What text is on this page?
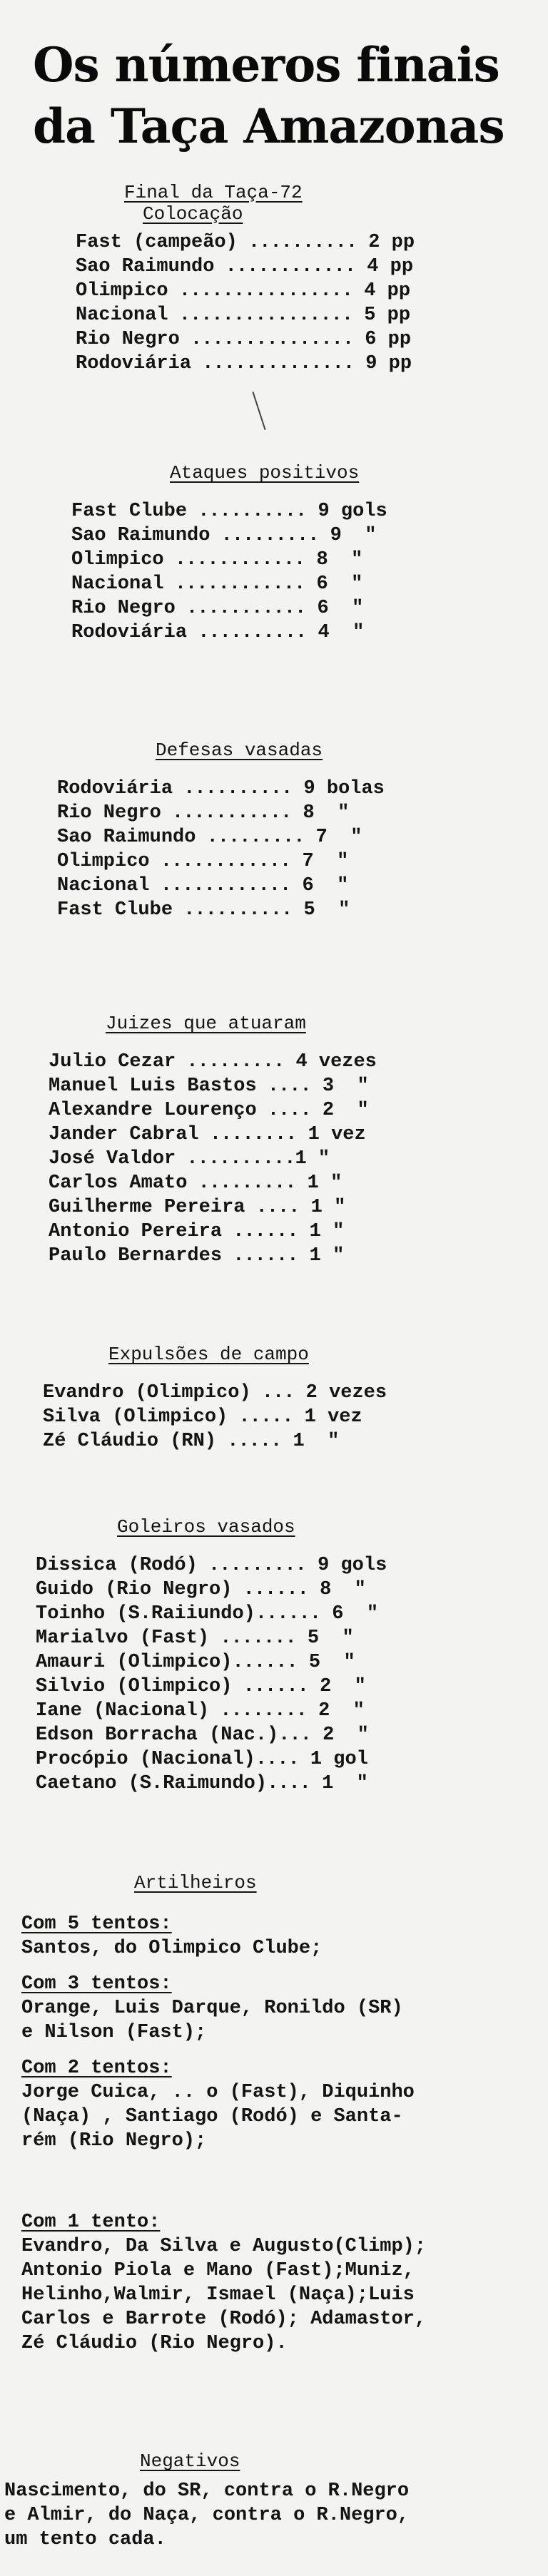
Os números finais
da Taça Amazonas
Final da Taça-72
Colocação
Fast (campeão) .......... 2 pp
Sao Raimundo ............ 4 pp
Olimpico ................ 4 pp
Nacional ................ 5 pp
Rio Negro ............... 6 pp
Rodoviária .............. 9 pp
Ataques positivos
Fast Clube .......... 9 gols
Sao Raimundo ......... 9  "
Olimpico ............ 8  "
Nacional ............ 6  "
Rio Negro ........... 6  "
Rodoviária .......... 4  "
Defesas vasadas
Rodoviária .......... 9 bolas
Rio Negro ........... 8  "
Sao Raimundo ......... 7  "
Olimpico ............ 7  "
Nacional ............ 6  "
Fast Clube .......... 5  "
Juizes que atuaram
Julio Cezar ......... 4 vezes
Manuel Luis Bastos .... 3  "
Alexandre Lourenço .... 2  "
Jander Cabral ........ 1 vez
José Valdor ..........1 "
Carlos Amato ......... 1 "
Guilherme Pereira .... 1 "
Antonio Pereira ...... 1 "
Paulo Bernardes ...... 1 "
Expulsões de campo
Evandro (Olimpico) ... 2 vezes
Silva (Olimpico) ..... 1 vez
Zé Cláudio (RN) ..... 1  "
Goleiros vasados
Dissica (Rodó) ......... 9 gols
Guido (Rio Negro) ...... 8  "
Toinho (S.Raiiundo)...... 6  "
Marialvo (Fast) ....... 5  "
Amauri (Olimpico)...... 5  "
Silvio (Olimpico) ...... 2  "
Iane (Nacional) ........ 2  "
Edson Borracha (Nac.)... 2  "
Procópio (Nacional).... 1 gol
Caetano (S.Raimundo).... 1  "
Artilheiros
Com 5 tentos:
Santos, do Olimpico Clube;
Com 3 tentos:
Orange, Luis Darque, Ronildo (SR)
e Nilson (Fast);
Com 2 tentos:
Jorge Cuica, .. o (Fast), Diquinho
(Naça) , Santiago (Rodó) e Santa-
rém (Rio Negro);
Com 1 tento:
Evandro, Da Silva e Augusto(Climp);
Antonio Piola e Mano (Fast);Muniz,
Helinho,Walmir, Ismael (Naça);Luis
Carlos e Barrote (Rodó); Adamastor,
Zé Cláudio (Rio Negro).
Negativos
Nascimento, do SR, contra o R.Negro
e Almir, do Naça, contra o R.Negro,
um tento cada.
